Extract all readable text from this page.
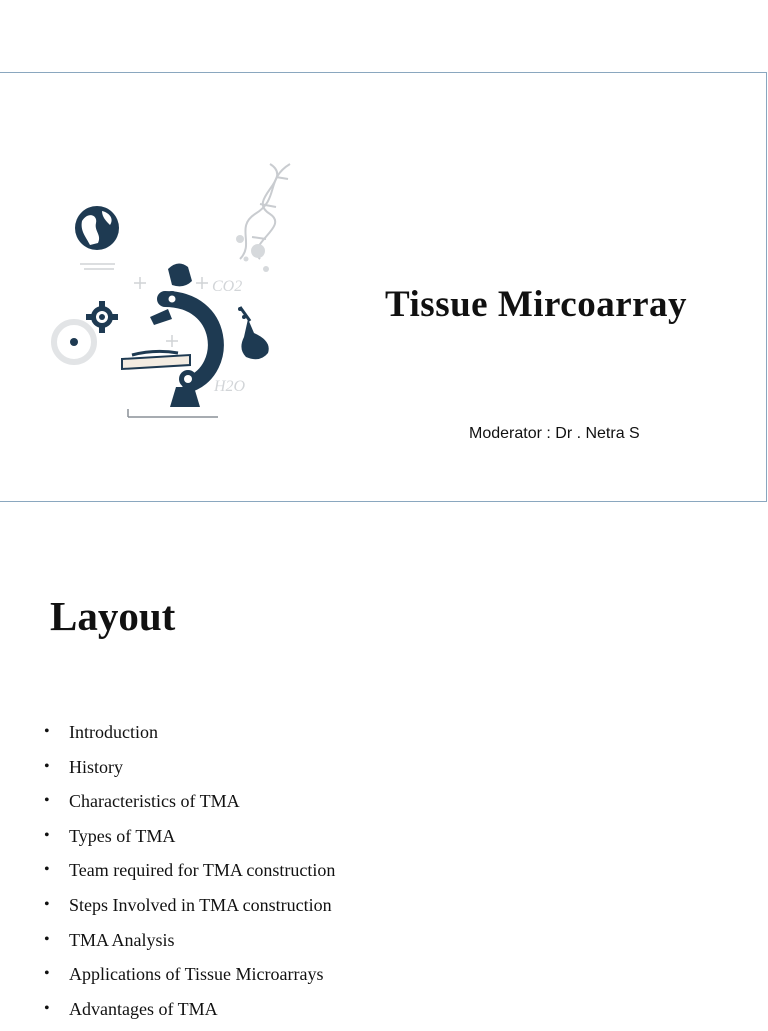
CO2
H2O
Tissue Mircoarray
Moderator : Dr . Netra S
Layout
•	Introduction
•	History
•	Characteristics of TMA
•	Types of TMA
•	Team required for TMA construction
•	Steps Involved in TMA construction
•	TMA Analysis
•	Applications of Tissue Microarrays
•	Advantages of TMA
